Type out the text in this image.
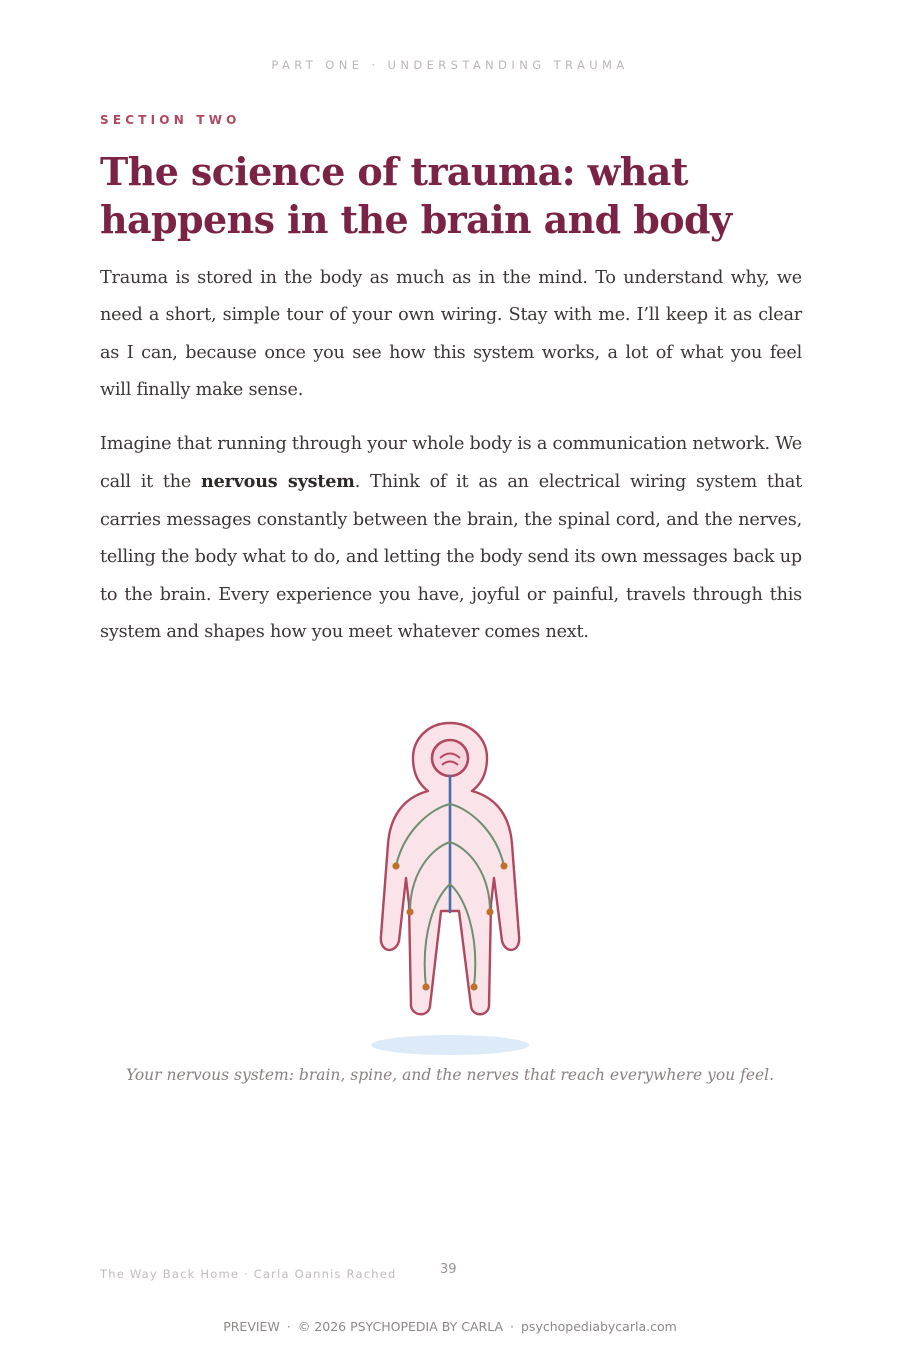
PART ONE · UNDERSTANDING TRAUMA
SECTION TWO
The science of trauma: what happens in the brain and body

Trauma is stored in the body as much as in the mind. To understand why, we need a short, simple tour of your own wiring. Stay with me. I’ll keep it as clear as I can, because once you see how this system works, a lot of what you feel will finally make sense.

Imagine that running through your whole body is a communication network. We call it the nervous system. Think of it as an electrical wiring system that carries messages constantly between the brain, the spinal cord, and the nerves, telling the body what to do, and letting the body send its own messages back up to the brain. Every experience you have, joyful or painful, travels through this system and shapes how you meet whatever comes next.

Your nervous system: brain, spine, and the nerves that reach everywhere you feel.
The Way Back Home · Carla Oannis Rached	39
PREVIEW · © 2026 PSYCHOPEDIA BY CARLA · psychopediabycarla.com
